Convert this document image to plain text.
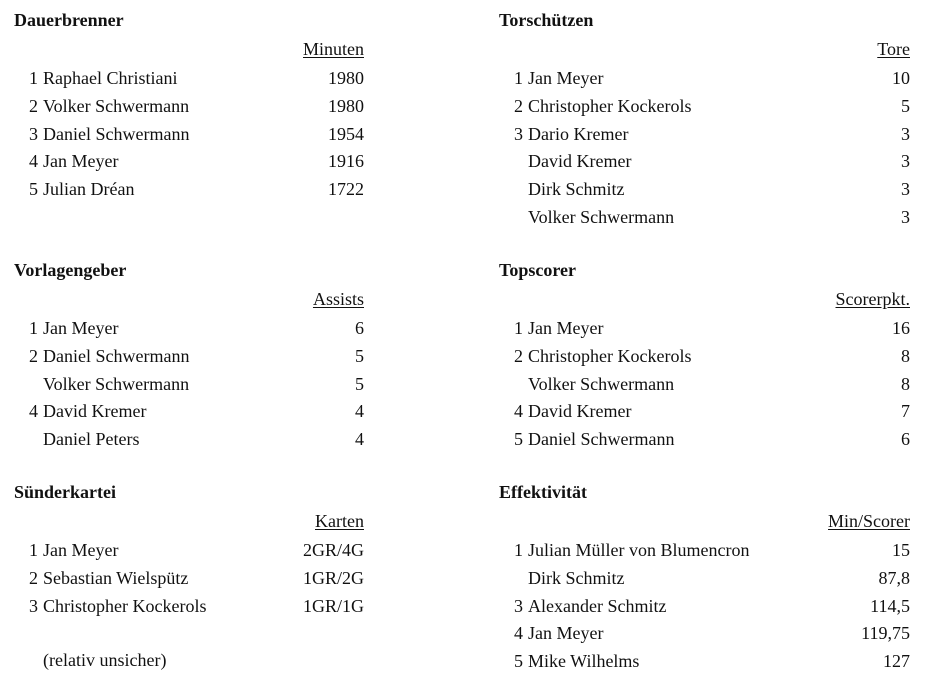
Dauerbrenner
Minuten
1 Raphael Christiani	1980
2 Volker Schwermann	1980
3 Daniel Schwermann	1954
4 Jan Meyer	1916
5 Julian Dréan	1722
Torschützen
Tore
1 Jan Meyer	10
2 Christopher Kockerols	5
3 Dario Kremer	3
David Kremer	3
Dirk Schmitz	3
Volker Schwermann	3
Vorlagengeber
Assists
1 Jan Meyer	6
2 Daniel Schwermann	5
Volker Schwermann	5
4 David Kremer	4
Daniel Peters	4
Topscorer
Scorerpkt.
1 Jan Meyer	16
2 Christopher Kockerols	8
Volker Schwermann	8
4 David Kremer	7
5 Daniel Schwermann	6
Sünderkartei
Karten
1 Jan Meyer	2GR/4G
2 Sebastian Wielspütz	1GR/2G
3 Christopher Kockerols	1GR/1G
(relativ unsicher)
Effektivität
Min/Scorer
1 Julian Müller von Blumencron	15
Dirk Schmitz	87,8
3 Alexander Schmitz	114,5
4 Jan Meyer	119,75
5 Mike Wilhelms	127
